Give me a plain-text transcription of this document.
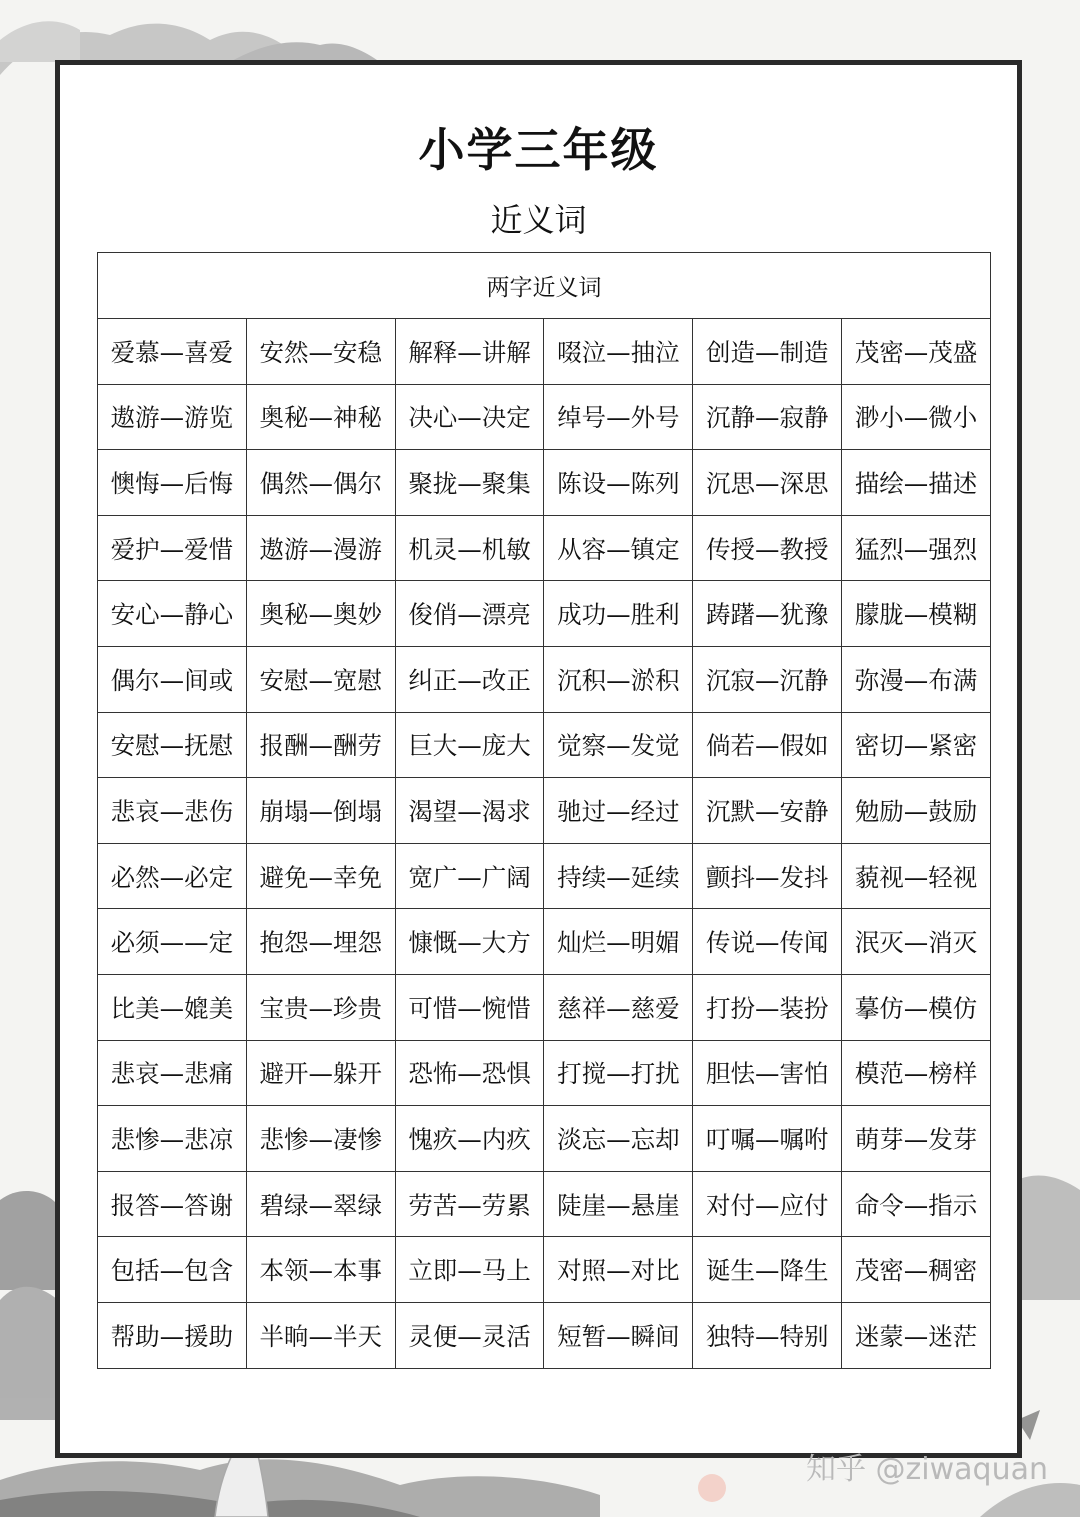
小学三年级
近义词
两字近义词					
爱慕—喜爱	安然—安稳	解释—讲解	啜泣—抽泣	创造—制造	茂密—茂盛
遨游—游览	奥秘—神秘	决心—决定	绰号—外号	沉静—寂静	渺小—微小
懊悔—后悔	偶然—偶尔	聚拢—聚集	陈设—陈列	沉思—深思	描绘—描述
爱护—爱惜	遨游—漫游	机灵—机敏	从容—镇定	传授—教授	猛烈—强烈
安心—静心	奥秘—奥妙	俊俏—漂亮	成功—胜利	踌躇—犹豫	朦胧—模糊
偶尔—间或	安慰—宽慰	纠正—改正	沉积—淤积	沉寂—沉静	弥漫—布满
安慰—抚慰	报酬—酬劳	巨大—庞大	觉察—发觉	倘若—假如	密切—紧密
悲哀—悲伤	崩塌—倒塌	渴望—渴求	驰过—经过	沉默—安静	勉励—鼓励
必然—必定	避免—幸免	宽广—广阔	持续—延续	颤抖—发抖	藐视—轻视
必须——定	抱怨—埋怨	慷慨—大方	灿烂—明媚	传说—传闻	泯灭—消灭
比美—媲美	宝贵—珍贵	可惜—惋惜	慈祥—慈爱	打扮—装扮	摹仿—模仿
悲哀—悲痛	避开—躲开	恐怖—恐惧	打搅—打扰	胆怯—害怕	模范—榜样
悲惨—悲凉	悲惨—凄惨	愧疚—内疚	淡忘—忘却	叮嘱—嘱咐	萌芽—发芽
报答—答谢	碧绿—翠绿	劳苦—劳累	陡崖—悬崖	对付—应付	命令—指示
包括—包含	本领—本事	立即—马上	对照—对比	诞生—降生	茂密—稠密
帮助—援助	半晌—半天	灵便—灵活	短暂—瞬间	独特—特别	迷蒙—迷茫
知乎 @ziwaquan
